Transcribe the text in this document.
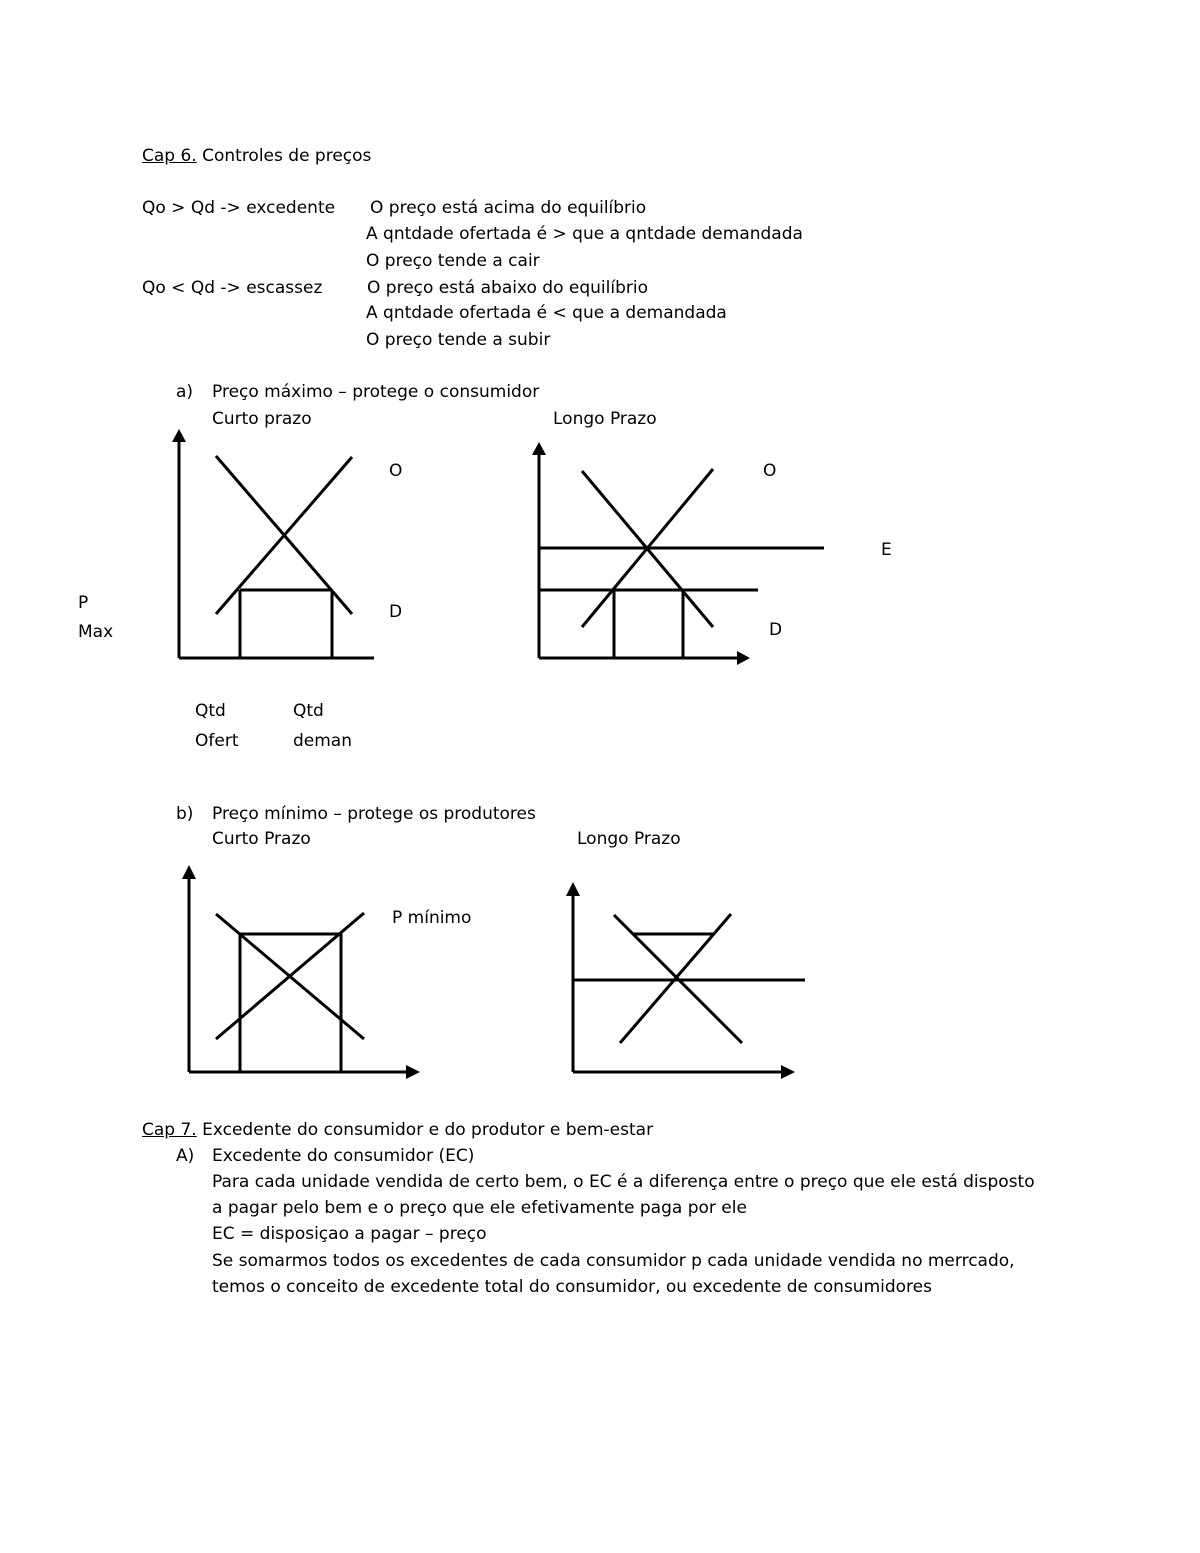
Cap 6. Controles de preços
Qo > Qd -> excedente O preço está acima do equilíbrio
A qntdade ofertada é > que a qntdade demandada
O preço tende a cair
Qo < Qd -> escassez	O preço está abaixo do equilíbrio
A qntdade ofertada é < que a demandada
O preço tende a subir
a) Preço máximo – protege o consumidor
Curto prazo	Longo Prazo
O
D
P
Max
Qtd
Ofert
Qtd
deman
O
E
D
b) Preço mínimo – protege os produtores
Curto Prazo	Longo Prazo
P mínimo
Cap 7. Excedente do consumidor e do produtor e bem-estar
A) Excedente do consumidor (EC)
Para cada unidade vendida de certo bem, o EC é a diferença entre o preço que ele está disposto
a pagar pelo bem e o preço que ele efetivamente paga por ele
EC = disposiçao a pagar – preço
Se somarmos todos os excedentes de cada consumidor p cada unidade vendida no merrcado,
temos o conceito de excedente total do consumidor, ou excedente de consumidores
